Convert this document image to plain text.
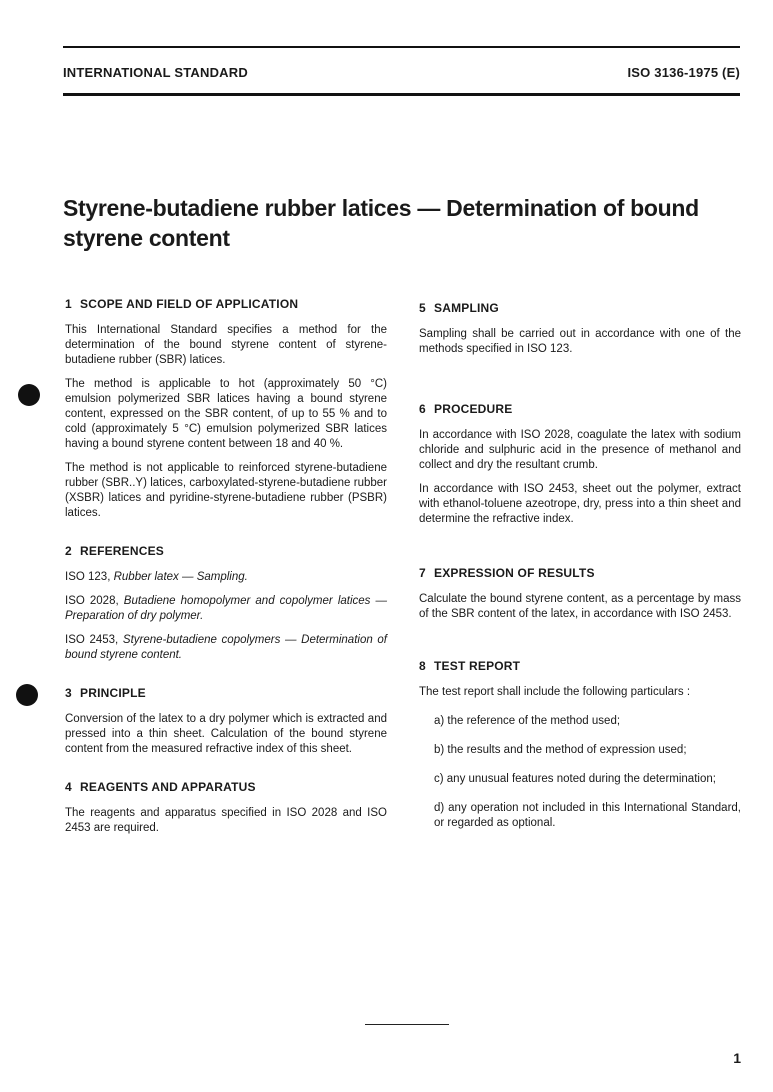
INTERNATIONAL STANDARD	ISO 3136-1975 (E)
Styrene-butadiene rubber latices — Determination of bound styrene content
1 SCOPE AND FIELD OF APPLICATION

This International Standard specifies a method for the determination of the bound styrene content of styrene-butadiene rubber (SBR) latices.

The method is applicable to hot (approximately 50 °C) emulsion polymerized SBR latices having a bound styrene content, expressed on the SBR content, of up to 55 % and to cold (approximately 5 °C) emulsion polymerized SBR latices having a bound styrene content between 18 and 40 %.

The method is not applicable to reinforced styrene-butadiene rubber (SBR..Y) latices, carboxylated-styrene-butadiene rubber (XSBR) latices and pyridine-styrene-butadiene rubber (PSBR) latices.

2 REFERENCES

ISO 123, Rubber latex — Sampling.

ISO 2028, Butadiene homopolymer and copolymer latices — Preparation of dry polymer.

ISO 2453, Styrene-butadiene copolymers — Determination of bound styrene content.

3 PRINCIPLE

Conversion of the latex to a dry polymer which is extracted and pressed into a thin sheet. Calculation of the bound styrene content from the measured refractive index of this sheet.

4 REAGENTS AND APPARATUS

The reagents and apparatus specified in ISO 2028 and ISO 2453 are required.

5 SAMPLING

Sampling shall be carried out in accordance with one of the methods specified in ISO 123.

6 PROCEDURE

In accordance with ISO 2028, coagulate the latex with sodium chloride and sulphuric acid in the presence of methanol and collect and dry the resultant crumb.

In accordance with ISO 2453, sheet out the polymer, extract with ethanol-toluene azeotrope, dry, press into a thin sheet and determine the refractive index.

7 EXPRESSION OF RESULTS

Calculate the bound styrene content, as a percentage by mass of the SBR content of the latex, in accordance with ISO 2453.

8 TEST REPORT

The test report shall include the following particulars :

a) the reference of the method used;
b) the results and the method of expression used;
c) any unusual features noted during the determination;
d) any operation not included in this International Standard, or regarded as optional.
1
